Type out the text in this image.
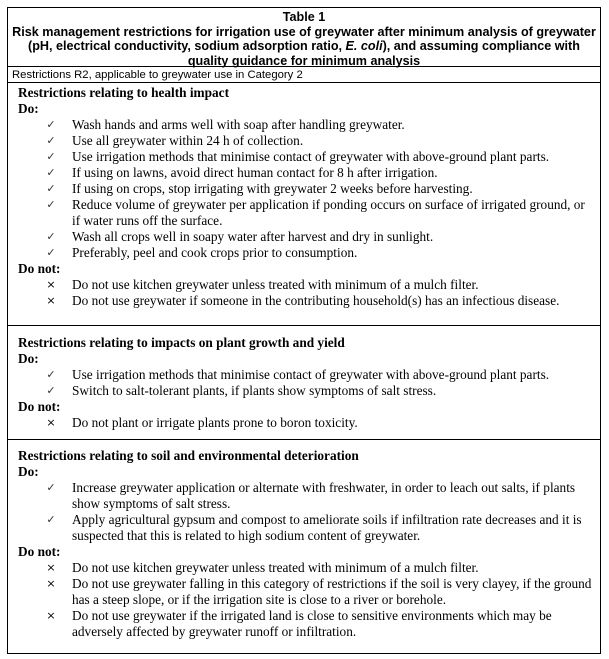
Table 1
Risk management restrictions for irrigation use of greywater after minimum analysis of greywater
(pH, electrical conductivity, sodium adsorption ratio, E. coli), and assuming compliance with
quality guidance for minimum analysis
Restrictions R2, applicable to greywater use in Category 2
Restrictions relating to health impact
Do:
✓ Wash hands and arms well with soap after handling greywater.
✓ Use all greywater within 24 h of collection.
✓ Use irrigation methods that minimise contact of greywater with above-ground plant parts.
✓ If using on lawns, avoid direct human contact for 8 h after irrigation.
✓ If using on crops, stop irrigating with greywater 2 weeks before harvesting.
✓ Reduce volume of greywater per application if ponding occurs on surface of irrigated ground, or if water runs off the surface.
✓ Wash all crops well in soapy water after harvest and dry in sunlight.
✓ Preferably, peel and cook crops prior to consumption.
Do not:
× Do not use kitchen greywater unless treated with minimum of a mulch filter.
× Do not use greywater if someone in the contributing household(s) has an infectious disease.
Restrictions relating to impacts on plant growth and yield
Do:
✓ Use irrigation methods that minimise contact of greywater with above-ground plant parts.
✓ Switch to salt-tolerant plants, if plants show symptoms of salt stress.
Do not:
× Do not plant or irrigate plants prone to boron toxicity.
Restrictions relating to soil and environmental deterioration
Do:
✓ Increase greywater application or alternate with freshwater, in order to leach out salts, if plants show symptoms of salt stress.
✓ Apply agricultural gypsum and compost to ameliorate soils if infiltration rate decreases and it is suspected that this is related to high sodium content of greywater.
Do not:
× Do not use kitchen greywater unless treated with minimum of a mulch filter.
× Do not use greywater falling in this category of restrictions if the soil is very clayey, if the ground has a steep slope, or if the irrigation site is close to a river or borehole.
× Do not use greywater if the irrigated land is close to sensitive environments which may be adversely affected by greywater runoff or infiltration.
